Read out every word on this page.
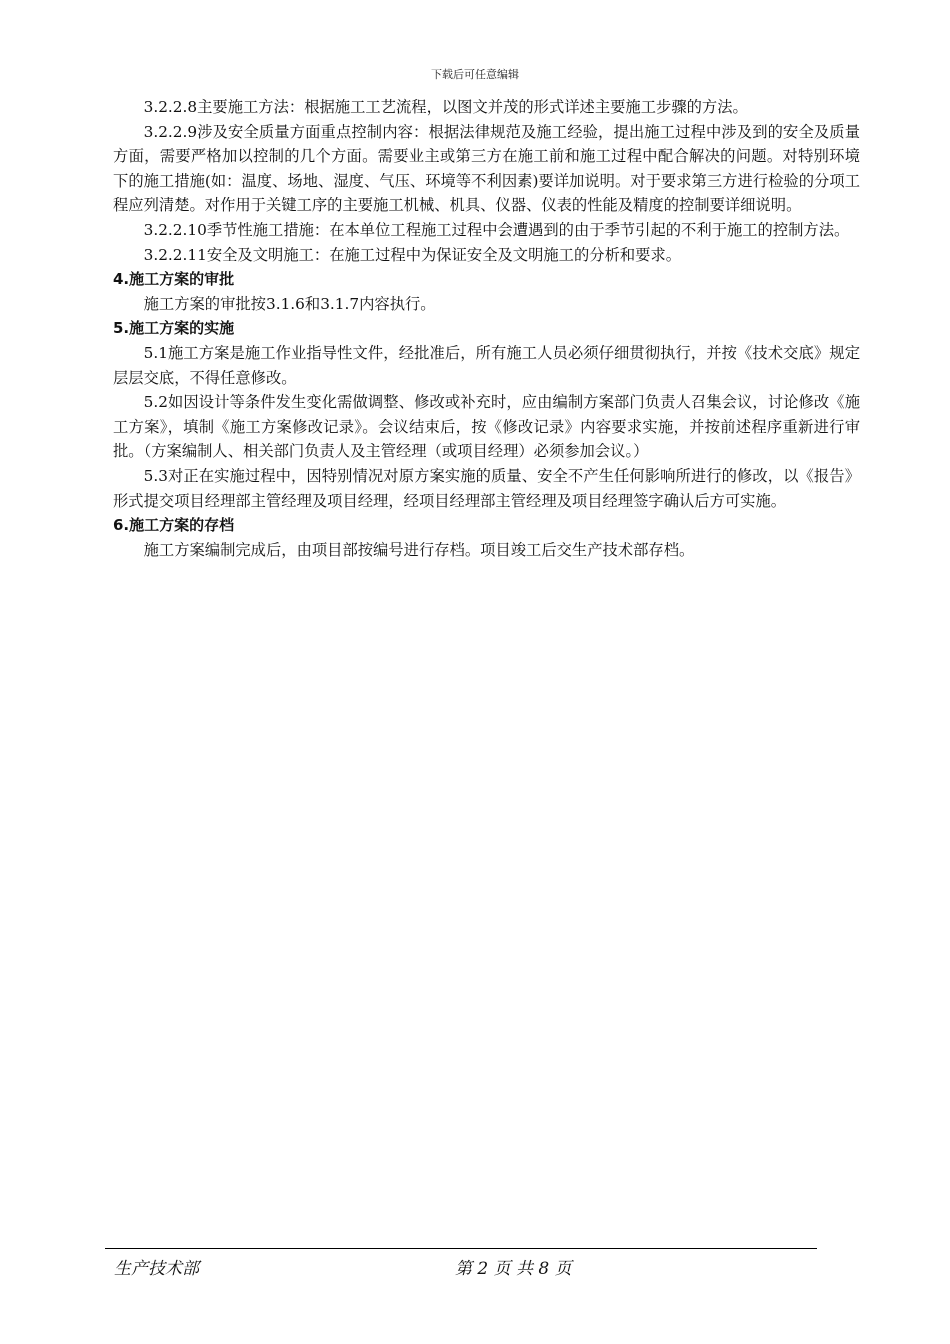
下载后可任意编辑

3.2.2.8主要施工方法：根据施工工艺流程，以图文并茂的形式详述主要施工步骤的方法。

3.2.2.9涉及安全质量方面重点控制内容：根据法律规范及施工经验，提出施工过程中涉及到的安全及质量方面，需要严格加以控制的几个方面。需要业主或第三方在施工前和施工过程中配合解决的问题。对特别环境下的施工措施(如：温度、场地、湿度、气压、环境等不利因素)要详加说明。对于要求第三方进行检验的分项工程应列清楚。对作用于关键工序的主要施工机械、机具、仪器、仪表的性能及精度的控制要详细说明。

3.2.2.10季节性施工措施：在本单位工程施工过程中会遭遇到的由于季节引起的不利于施工的控制方法。

3.2.2.11安全及文明施工：在施工过程中为保证安全及文明施工的分析和要求。

4.施工方案的审批

施工方案的审批按3.1.6和3.1.7内容执行。

5.施工方案的实施

5.1施工方案是施工作业指导性文件，经批准后，所有施工人员必须仔细贯彻执行，并按《技术交底》规定层层交底，不得任意修改。

5.2如因设计等条件发生变化需做调整、修改或补充时，应由编制方案部门负责人召集会议，讨论修改《施工方案》，填制《施工方案修改记录》。会议结束后，按《修改记录》内容要求实施，并按前述程序重新进行审批。（方案编制人、相关部门负责人及主管经理（或项目经理）必须参加会议。）

5.3对正在实施过程中，因特别情况对原方案实施的质量、安全不产生任何影响所进行的修改，以《报告》形式提交项目经理部主管经理及项目经理，经项目经理部主管经理及项目经理签字确认后方可实施。

6.施工方案的存档

施工方案编制完成后，由项目部按编号进行存档。项目竣工后交生产技术部存档。

生产技术部	第 2 页 共 8 页
